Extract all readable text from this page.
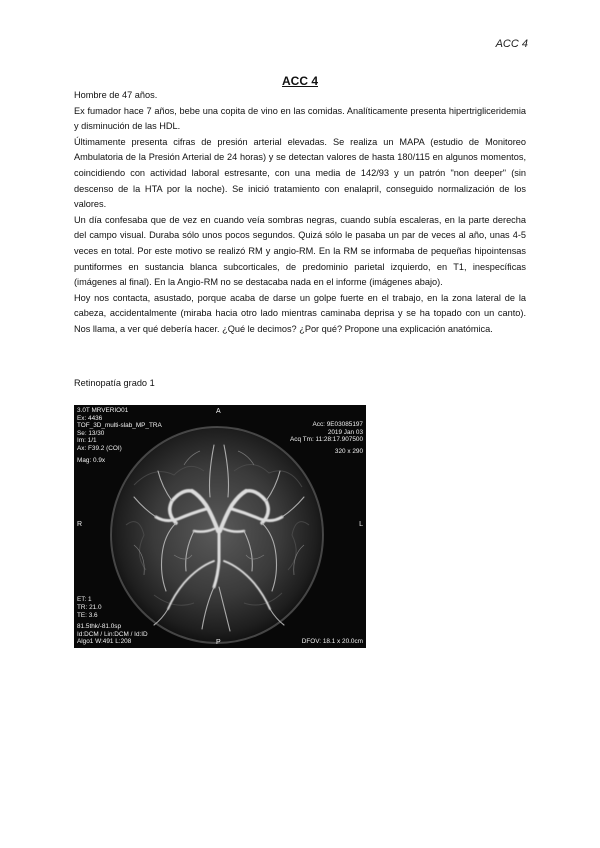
ACC 4
ACC 4

Hombre de 47 años.

Ex fumador hace 7 años, bebe una copita de vino en las comidas. Analíticamente presenta hipertrigliceridemia y disminución de las HDL.

Últimamente presenta cifras de presión arterial elevadas. Se realiza un MAPA (estudio de Monitoreo Ambulatoria de la Presión Arterial de 24 horas) y se detectan valores de hasta 180/115 en algunos momentos, coincidiendo con actividad laboral estresante, con una media de 142/93 y un patrón "non deeper" (sin descenso de la HTA por la noche). Se inició tratamiento con enalapril, conseguido normalización de los valores.

Un día confesaba que de vez en cuando veía sombras negras, cuando subía escaleras, en la parte derecha del campo visual. Duraba sólo unos pocos segundos. Quizá sólo le pasaba un par de veces al año, unas 4-5 veces en total. Por este motivo se realizó RM y angio-RM. En la RM se informaba de pequeñas hipointensas puntiformes en sustancia blanca subcorticales, de predominio parietal izquierdo, en T1, inespecíficas (imágenes al final). En la Angio-RM no se destacaba nada en el informe (imágenes abajo).

Hoy nos contacta, asustado, porque acaba de darse un golpe fuerte en el trabajo, en la zona lateral de la cabeza, accidentalmente (miraba hacia otro lado mientras caminaba deprisa y se ha topado con un canto). Nos llama, a ver qué debería hacer. ¿Qué le decimos? ¿Por qué? Propone una explicación anatómica.

Retinopatía grado 1
3.0T MRVERIO01
Ex: 4436
TOF_3D_multi-slab_MP_TRA
Se: 13/30
Im: 1/1
Ax: F39.2 (COI)
Mag: 0.9x
Acc: 9E03085197
2019 Jan 03
Acq Tm: 11:28:17.907500
320 x 290
ET: 1
TR: 21.0
TE: 3.6
81.5thk/-81.0sp
Id:DCM / Lin:DCM / Id:ID
Algo1 W:491 L:208	DFOV: 18.1 x 20.0cm
A
P
R	L
